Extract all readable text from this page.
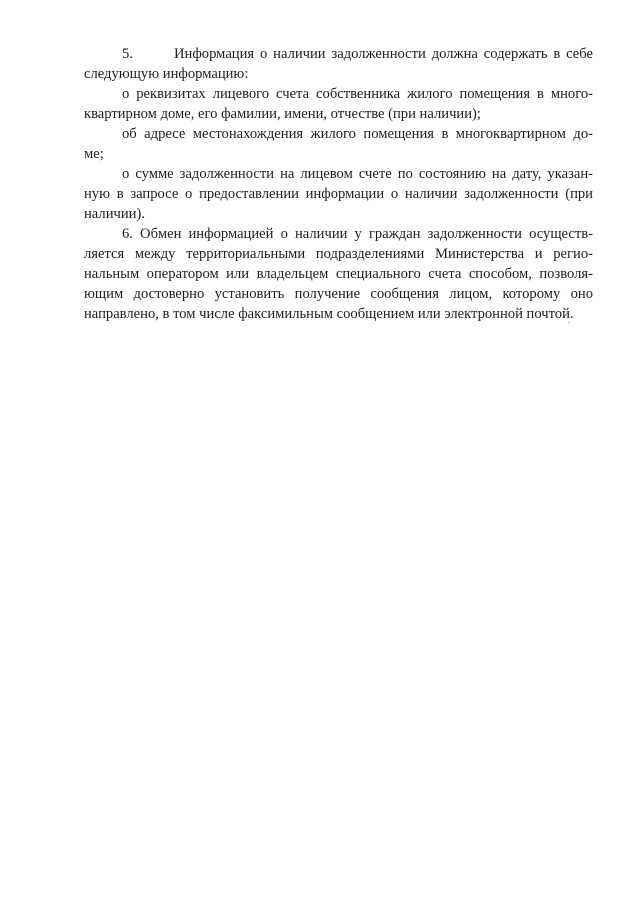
5.       Информация о наличии задолженности должна содержать в себе
следующую информацию:
о реквизитах лицевого счета собственника жилого помещения в много-
квартирном доме, его фамилии, имени, отчестве (при наличии);
об адресе местонахождения жилого помещения в многоквартирном до-
ме;
о сумме задолженности на лицевом счете по состоянию на дату, указан-
ную в запросе о предоставлении информации о наличии задолженности (при
наличии).
6. Обмен информацией о наличии у граждан задолженности осуществ-
ляется между территориальными подразделениями Министерства и регио-
нальным оператором или владельцем специального счета способом, позволя-
ющим достоверно установить получение сообщения лицом, которому оно
направлено, в том числе факсимильным сообщением или электронной почтой.
